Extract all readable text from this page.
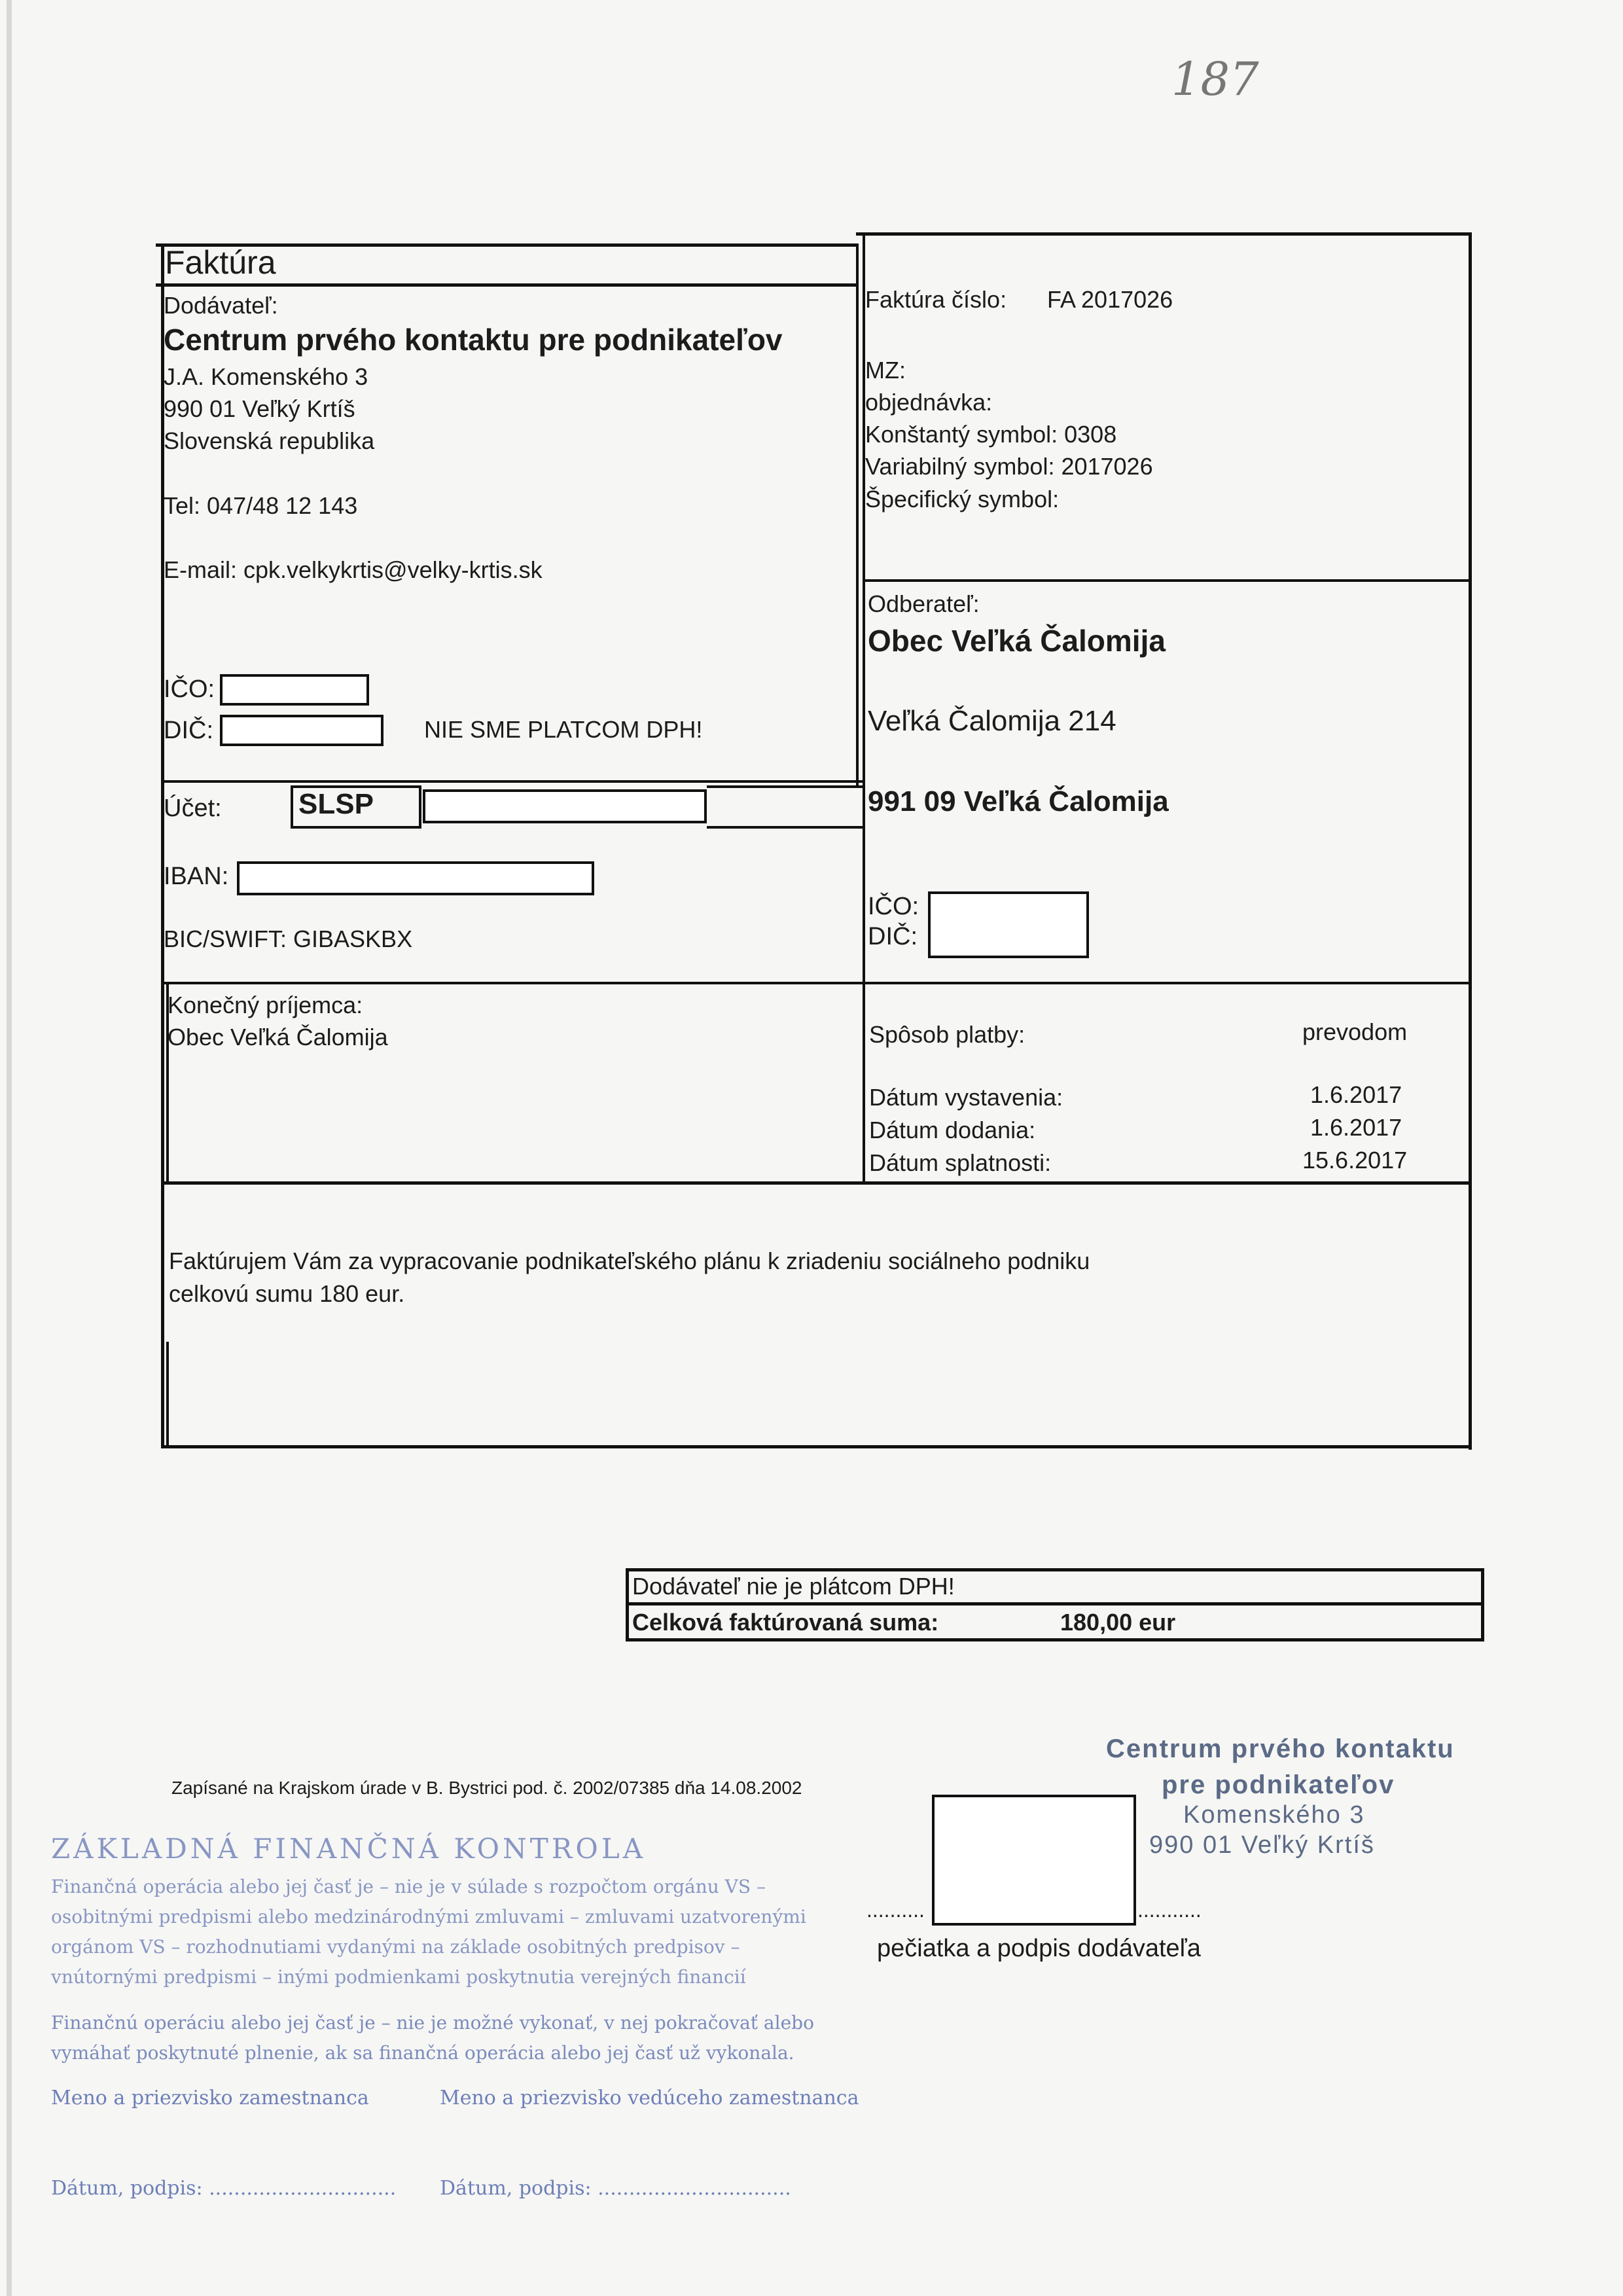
187
Faktúra
Dodávateľ:
Centrum prvého kontaktu pre podnikateľov
J.A. Komenského 3
990 01 Veľký Krtíš
Slovenská republika
Tel: 047/48 12 143
E-mail: cpk.velkykrtis@velky-krtis.sk
IČO:
DIČ:	NIE SME PLATCOM DPH!
Účet:	SLSP
IBAN:
BIC/SWIFT: GIBASKBX
Konečný príjemca:
Obec Veľká Čalomija
Faktúra číslo: FA 2017026
MZ:
objednávka:
Konštantý symbol: 0308
Variabilný symbol: 2017026
Špecifický symbol:
Odberateľ:
Obec Veľká Čalomija
Veľká Čalomija 214
991 09 Veľká Čalomija
IČO:
DIČ:
Spôsob platby:	prevodom
Dátum vystavenia:	1.6.2017
Dátum dodania:	1.6.2017
Dátum splatnosti:	15.6.2017
Faktúrujem Vám za vypracovanie podnikateľského plánu k zriadeniu sociálneho podniku
celkovú sumu 180 eur.
Dodávateľ nie je plátcom DPH!
Celková faktúrovaná suma:	180,00 eur
Zapísané na Krajskom úrade v B. Bystrici pod. č. 2002/07385 dňa 14.08.2002
Centrum prvého kontaktu
pre podnikateľov
Komenského 3
990 01 Veľký Krtíš
..........	...........
pečiatka a podpis dodávateľa
ZÁKLADNÁ FINANČNÁ KONTROLA
Finančná operácia alebo jej časť je – nie je v súlade s rozpočtom orgánu VS –
osobitnými predpismi alebo medzinárodnými zmluvami – zmluvami uzatvorenými
orgánom VS – rozhodnutiami vydanými na základe osobitných predpisov –
vnútornými predpismi – inými podmienkami poskytnutia verejných financií
Finančnú operáciu alebo jej časť je – nie je možné vykonať, v nej pokračovať alebo
vymáhať poskytnuté plnenie, ak sa finančná operácia alebo jej časť už vykonala.
Meno a priezvisko zamestnanca	Meno a priezvisko vedúceho zamestnanca
Dátum, podpis: .............................. Dátum, podpis: ...............................
